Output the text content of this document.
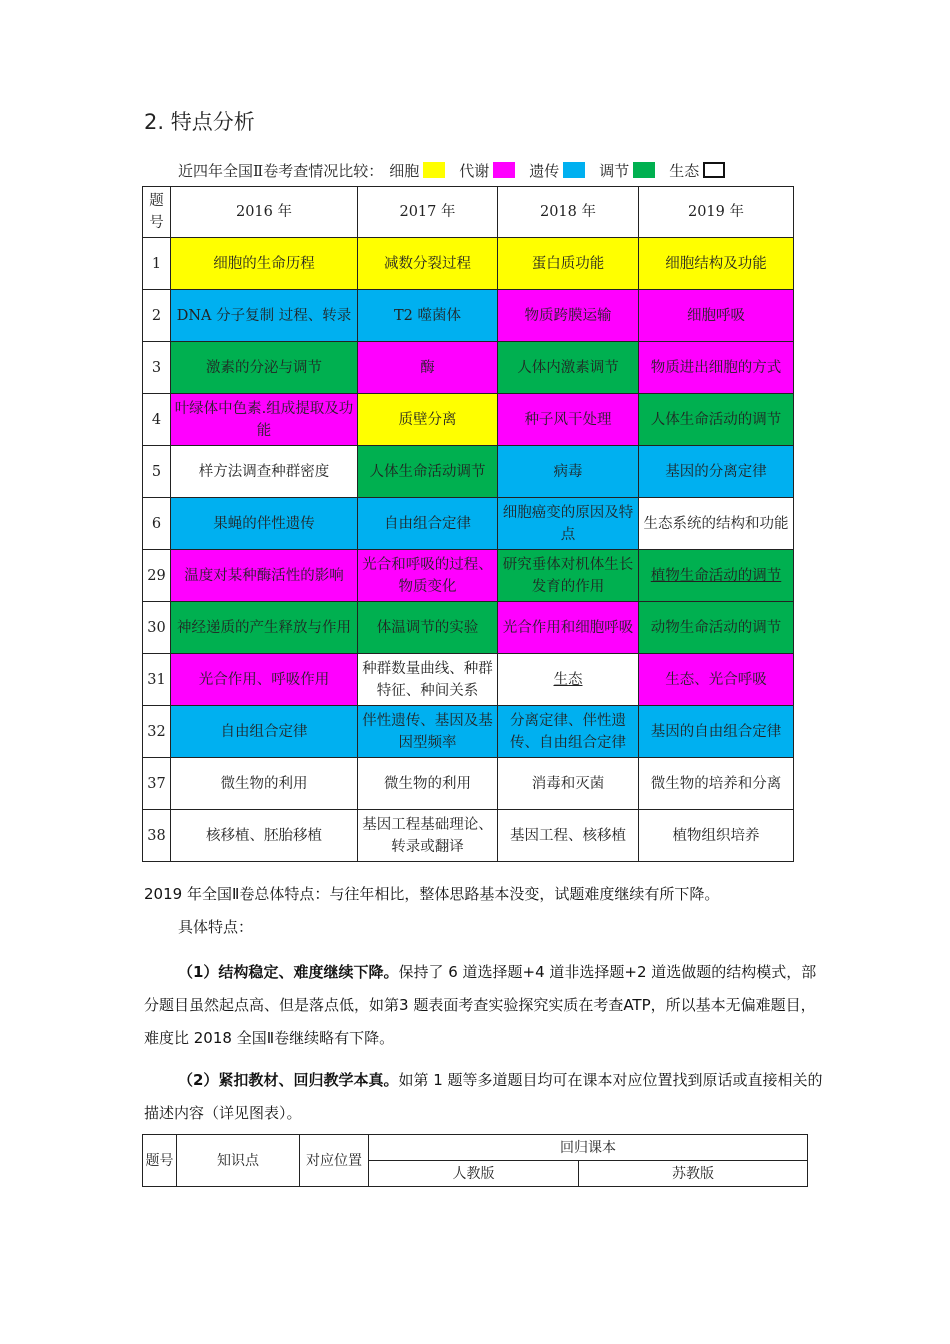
2. 特点分析
近四年全国Ⅱ卷考查情况比较： 细胞	代谢	遗传	调节	生态
题号	2016 年	2017 年	2018 年	2019 年
1	细胞的生命历程	减数分裂过程	蛋白质功能	细胞结构及功能
2	DNA 分子复制 过程、转录	T2 噬菌体	物质跨膜运输	细胞呼吸
3	激素的分泌与调节	酶	人体内激素调节	物质进出细胞的方式
4	叶绿体中色素.组成提取及功能	质壁分离	种子风干处理	人体生命活动的调节
5	样方法调查种群密度	人体生命活动调节	病毒	基因的分离定律
6	果蝇的伴性遗传	自由组合定律	细胞癌变的原因及特点	生态系统的结构和功能
29	温度对某种酶活性的影响	光合和呼吸的过程、物质变化	研究垂体对机体生长发育的作用	植物生命活动的调节
30	神经递质的产生释放与作用	体温调节的实验	光合作用和细胞呼吸	动物生命活动的调节
31	光合作用、呼吸作用	种群数量曲线、种群特征、种间关系	生态	生态、光合呼吸
32	自由组合定律	伴性遗传、基因及基因型频率	分离定律、伴性遗传、自由组合定律	基因的自由组合定律
37	微生物的利用	微生物的利用	消毒和灭菌	微生物的培养和分离
38	核移植、胚胎移植	基因工程基础理论、转录或翻译	基因工程、核移植	植物组织培养
2019 年全国Ⅱ卷总体特点：与往年相比，整体思路基本没变，试题难度继续有所下降。
具体特点：
（1）结构稳定、难度继续下降。保持了 6 道选择题+4 道非选择题+2 道选做题的结构模式，部分题目虽然起点高、但是落点低，如第3 题表面考查实验探究实质在考查ATP，所以基本无偏难题目，难度比 2018 全国Ⅱ卷继续略有下降。
（2）紧扣教材、回归教学本真。如第 1 题等多道题目均可在课本对应位置找到原话或直接相关的描述内容（详见图表）。
题号	知识点	对应位置	回归课本	
			人教版	苏教版
